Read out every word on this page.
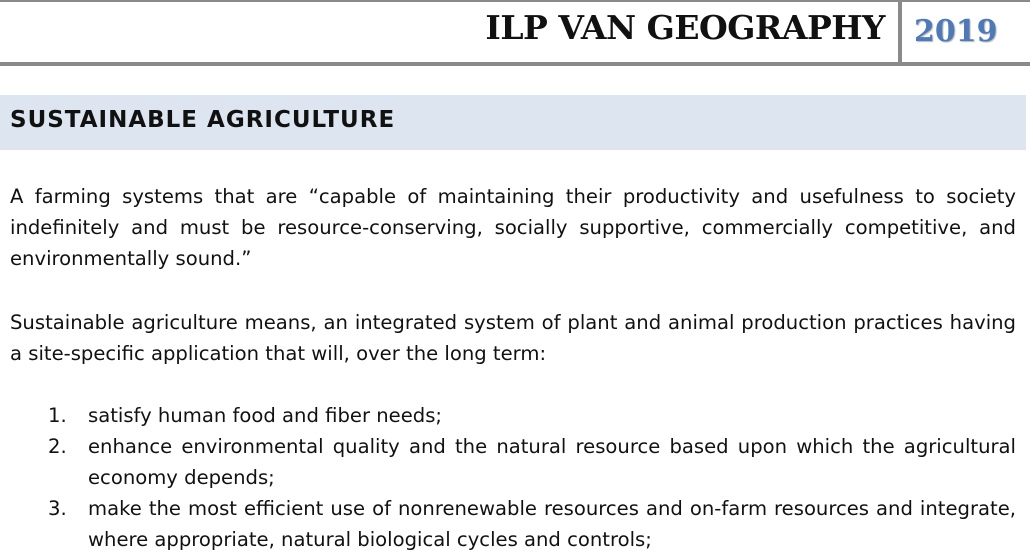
ILP VAN GEOGRAPHY 2019
SUSTAINABLE AGRICULTURE

A farming systems that are “capable of maintaining their productivity and usefulness to society indefinitely and must be resource-conserving, socially supportive, commercially competitive, and environmentally sound.”

Sustainable agriculture means, an integrated system of plant and animal production practices having a site-specific application that will, over the long term:

1. satisfy human food and fiber needs;
2. enhance environmental quality and the natural resource based upon which the agricultural economy depends;
3. make the most efficient use of nonrenewable resources and on-farm resources and integrate, where appropriate, natural biological cycles and controls;
